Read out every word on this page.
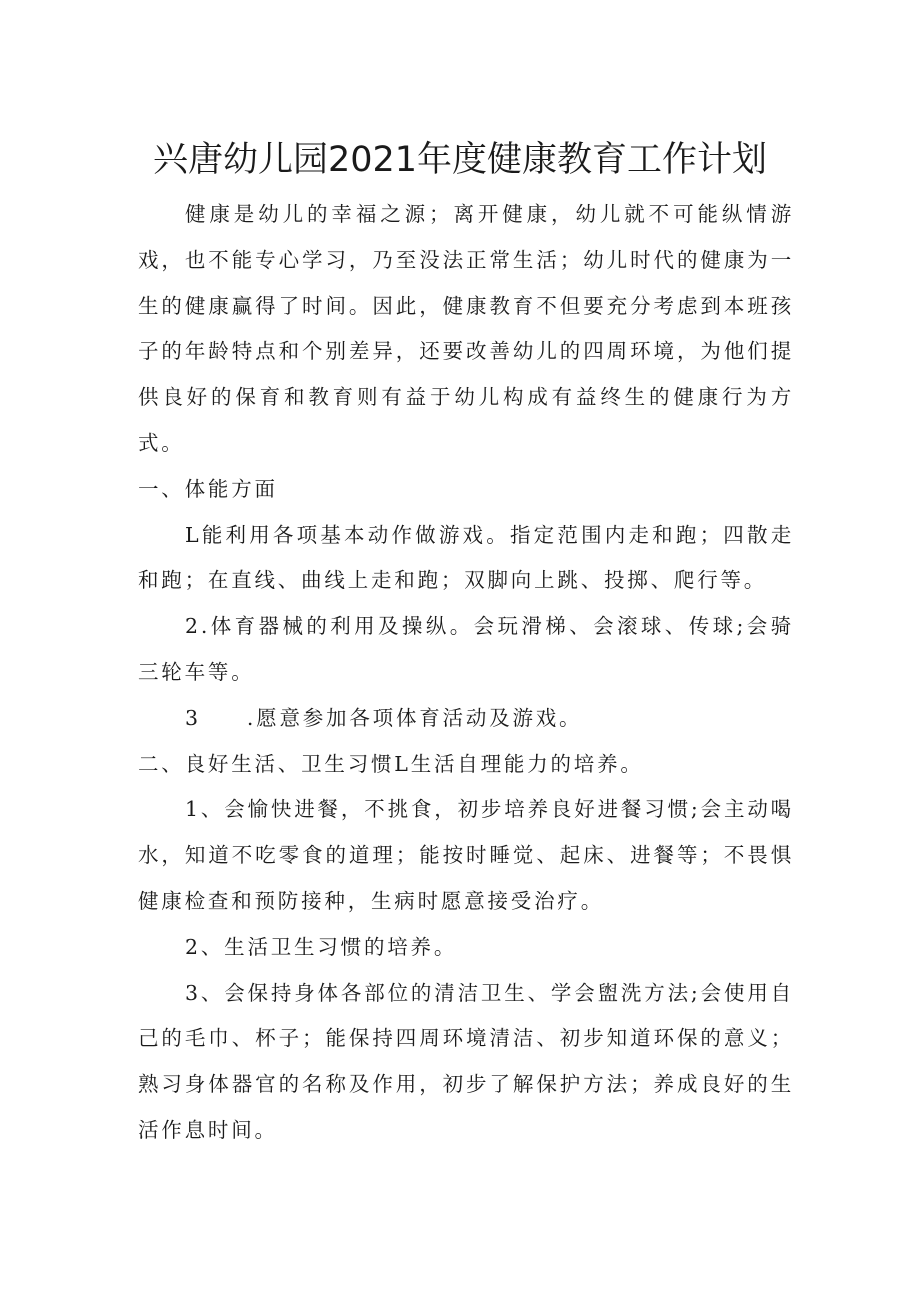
兴唐幼儿园2021年度健康教育工作计划

健康是幼儿的幸福之源；离开健康，幼儿就不可能纵情游戏，也不能专心学习，乃至没法正常生活；幼儿时代的健康为一生的健康赢得了时间。因此，健康教育不但要充分考虑到本班孩子的年龄特点和个别差异，还要改善幼儿的四周环境，为他们提供良好的保育和教育则有益于幼儿构成有益终生的健康行为方式。

一、体能方面

L能利用各项基本动作做游戏。指定范围内走和跑；四散走和跑；在直线、曲线上走和跑；双脚向上跳、投掷、爬行等。

2.体育器械的利用及操纵。会玩滑梯、会滚球、传球;会骑三轮车等。

3 .愿意参加各项体育活动及游戏。

二、良好生活、卫生习惯L生活自理能力的培养。

1、会愉快进餐，不挑食，初步培养良好进餐习惯;会主动喝水，知道不吃零食的道理；能按时睡觉、起床、进餐等；不畏惧健康检查和预防接种，生病时愿意接受治疗。

2、生活卫生习惯的培养。

3、会保持身体各部位的清洁卫生、学会盥洗方法;会使用自己的毛巾、杯子；能保持四周环境清洁、初步知道环保的意义；熟习身体器官的名称及作用，初步了解保护方法；养成良好的生活作息时间。
